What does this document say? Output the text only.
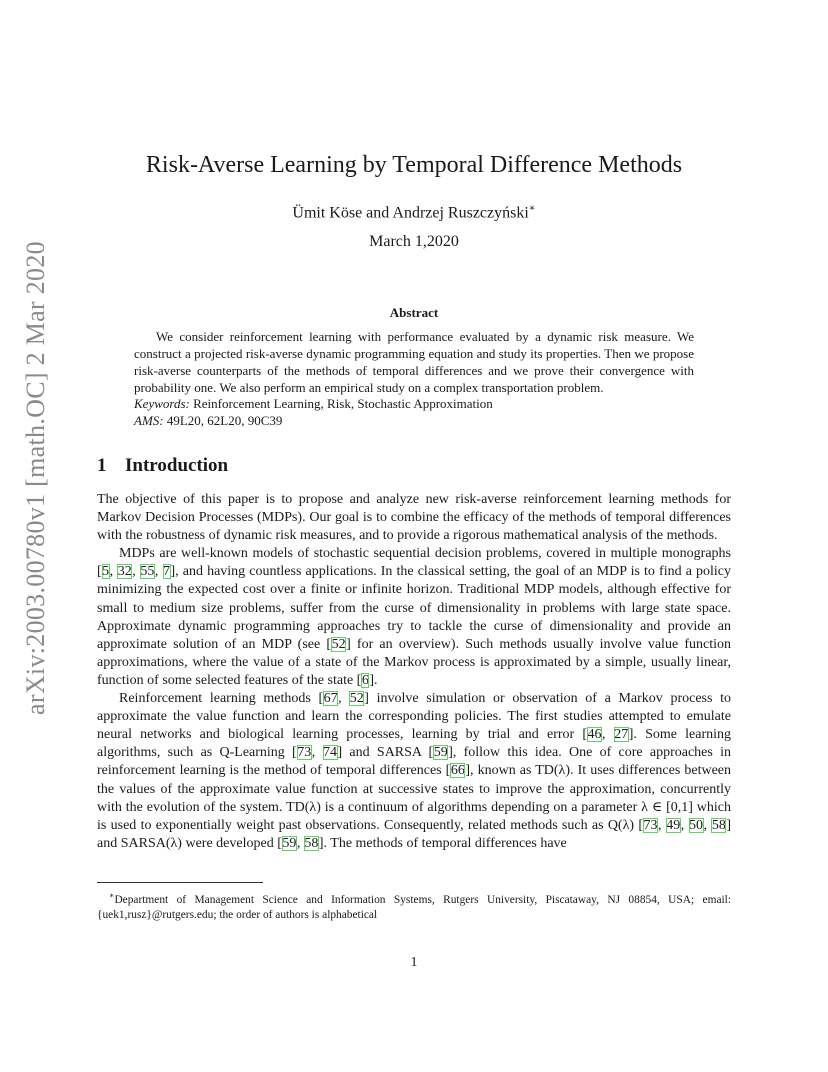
arXiv:2003.00780v1 [math.OC] 2 Mar 2020
Risk-Averse Learning by Temporal Difference Methods
Ümit Köse and Andrzej Ruszczyński∗
March 1,2020
Abstract

We consider reinforcement learning with performance evaluated by a dynamic risk measure. We construct a projected risk-averse dynamic programming equation and study its properties. Then we propose risk-averse counterparts of the methods of temporal differences and we prove their convergence with probability one. We also perform an empirical study on a complex transportation problem.

Keywords: Reinforcement Learning, Risk, Stochastic Approximation
AMS: 49L20, 62L20, 90C39
1 Introduction

The objective of this paper is to propose and analyze new risk-averse reinforcement learning methods for Markov Decision Processes (MDPs). Our goal is to combine the efficacy of the methods of temporal differences with the robustness of dynamic risk measures, and to provide a rigorous mathematical analysis of the methods.

MDPs are well-known models of stochastic sequential decision problems, covered in multiple monographs [5, 32, 55, 7], and having countless applications. In the classical setting, the goal of an MDP is to find a policy minimizing the expected cost over a finite or infinite horizon. Traditional MDP models, although effective for small to medium size problems, suffer from the curse of dimensionality in problems with large state space. Approximate dynamic programming approaches try to tackle the curse of dimensionality and provide an approximate solution of an MDP (see [52] for an overview). Such methods usually involve value function approximations, where the value of a state of the Markov process is approximated by a simple, usually linear, function of some selected features of the state [6].

Reinforcement learning methods [67, 52] involve simulation or observation of a Markov process to approximate the value function and learn the corresponding policies. The first studies attempted to emulate neural networks and biological learning processes, learning by trial and error [46, 27]. Some learning algorithms, such as Q-Learning [73, 74] and SARSA [59], follow this idea. One of core approaches in reinforcement learning is the method of temporal differences [66], known as TD(λ). It uses differences between the values of the approximate value function at successive states to improve the approximation, concurrently with the evolution of the system. TD(λ) is a continuum of algorithms depending on a parameter λ ∈ [0,1] which is used to exponentially weight past observations. Consequently, related methods such as Q(λ) [73, 49, 50, 58] and SARSA(λ) were developed [59, 58]. The methods of temporal differences have

∗Department of Management Science and Information Systems, Rutgers University, Piscataway, NJ 08854, USA; email: {uek1,rusz}@rutgers.edu; the order of authors is alphabetical
1
